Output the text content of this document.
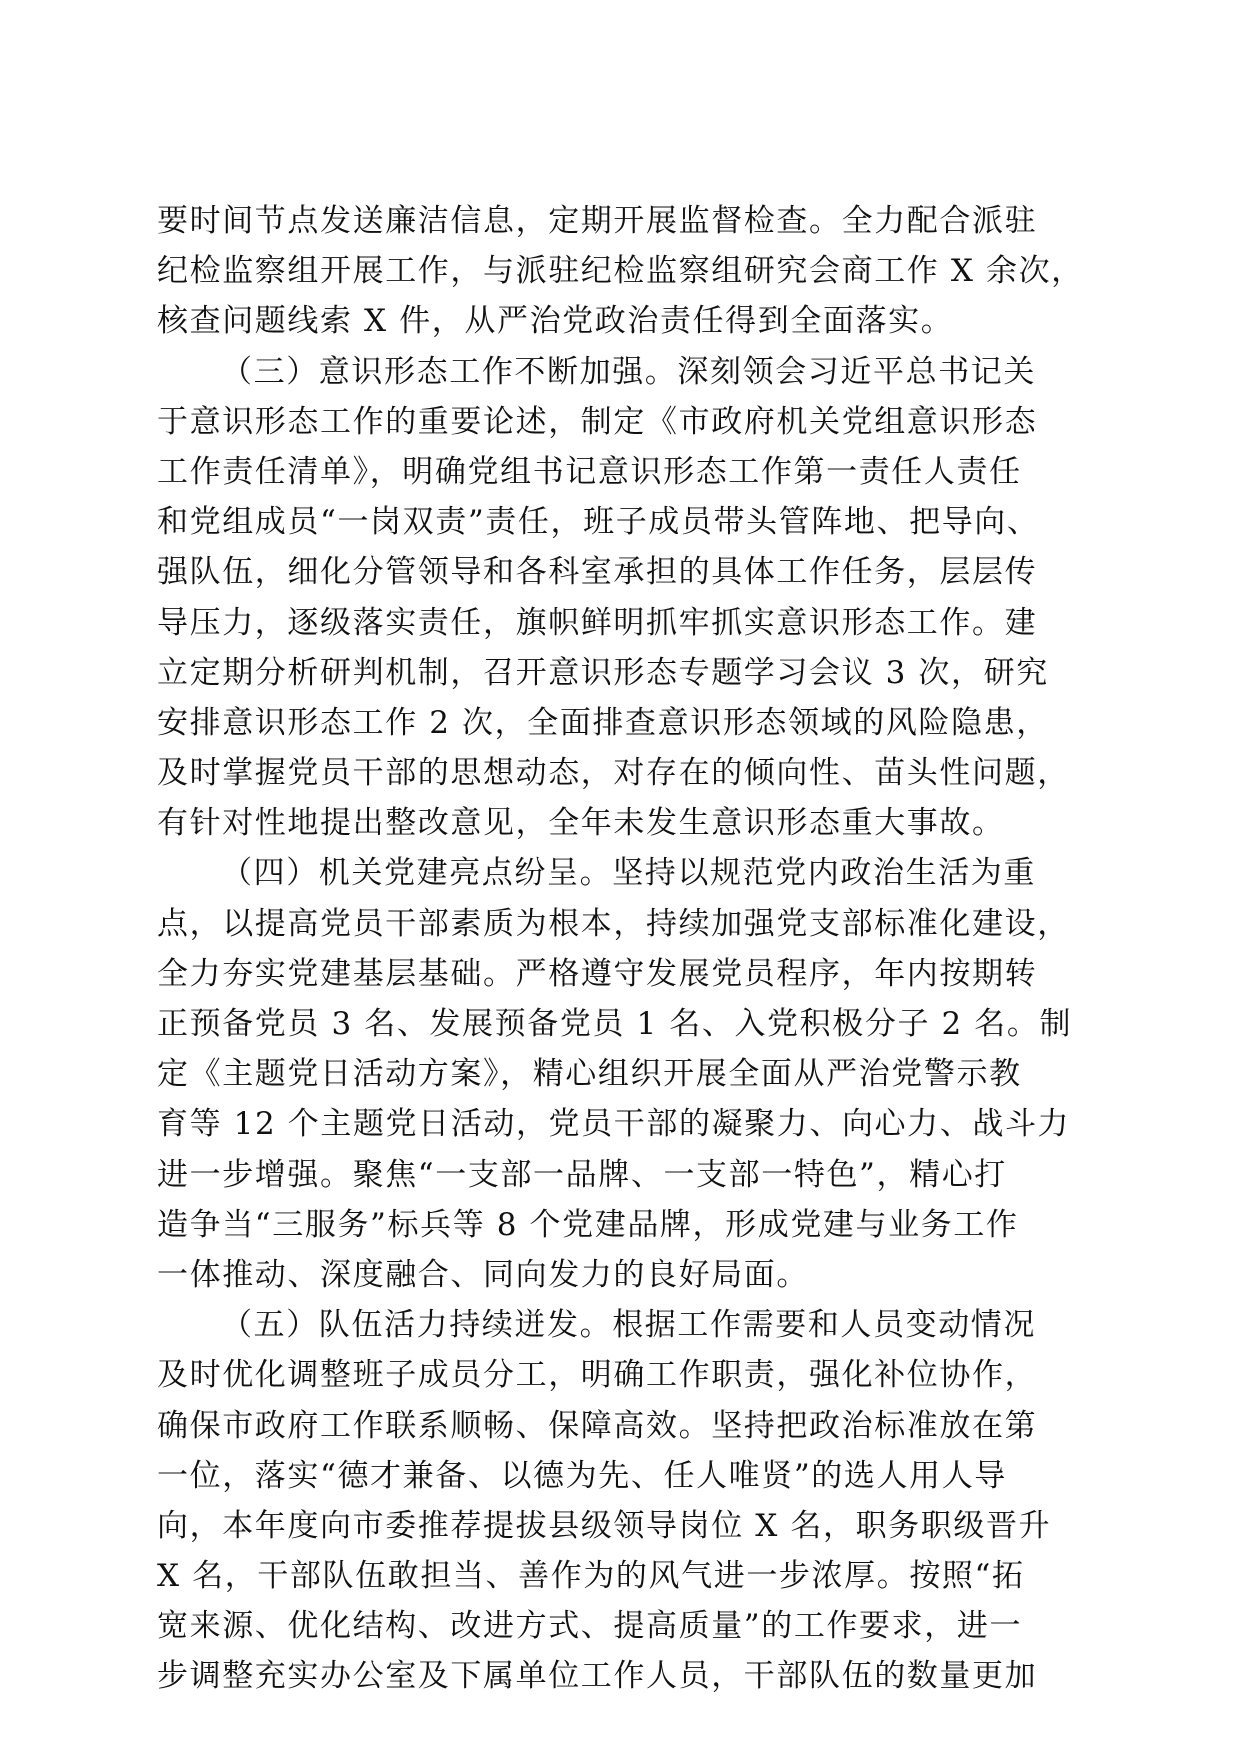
要时间节点发送廉洁信息，定期开展监督检查。全力配合派驻
纪检监察组开展工作，与派驻纪检监察组研究会商工作 X 余次，
核查问题线索 X 件，从严治党政治责任得到全面落实。
（三）意识形态工作不断加强。深刻领会习近平总书记关
于意识形态工作的重要论述，制定《市政府机关党组意识形态
工作责任清单》，明确党组书记意识形态工作第一责任人责任
和党组成员“一岗双责”责任，班子成员带头管阵地、把导向、
强队伍，细化分管领导和各科室承担的具体工作任务，层层传
导压力，逐级落实责任，旗帜鲜明抓牢抓实意识形态工作。建
立定期分析研判机制，召开意识形态专题学习会议 3 次，研究
安排意识形态工作 2 次，全面排查意识形态领域的风险隐患，
及时掌握党员干部的思想动态，对存在的倾向性、苗头性问题，
有针对性地提出整改意见，全年未发生意识形态重大事故。
（四）机关党建亮点纷呈。坚持以规范党内政治生活为重
点，以提高党员干部素质为根本，持续加强党支部标准化建设，
全力夯实党建基层基础。严格遵守发展党员程序，年内按期转
正预备党员 3 名、发展预备党员 1 名、入党积极分子 2 名。制
定《主题党日活动方案》，精心组织开展全面从严治党警示教
育等 12 个主题党日活动，党员干部的凝聚力、向心力、战斗力
进一步增强。聚焦“一支部一品牌、一支部一特色”，精心打
造争当“三服务”标兵等 8 个党建品牌，形成党建与业务工作
一体推动、深度融合、同向发力的良好局面。
（五）队伍活力持续迸发。根据工作需要和人员变动情况
及时优化调整班子成员分工，明确工作职责，强化补位协作，
确保市政府工作联系顺畅、保障高效。坚持把政治标准放在第
一位，落实“德才兼备、以德为先、任人唯贤”的选人用人导
向，本年度向市委推荐提拔县级领导岗位 X 名，职务职级晋升
X 名，干部队伍敢担当、善作为的风气进一步浓厚。按照“拓
宽来源、优化结构、改进方式、提高质量”的工作要求，进一
步调整充实办公室及下属单位工作人员，干部队伍的数量更加
